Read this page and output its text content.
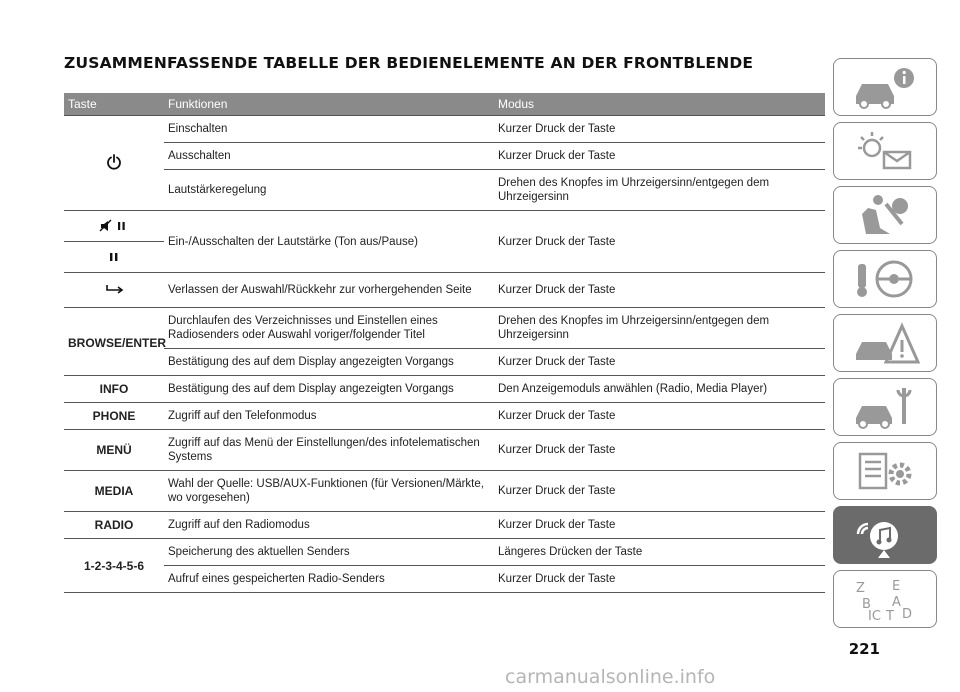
ZUSAMMENFASSENDE TABELLE DER BEDIENELEMENTE AN DER FRONTBLENDE
Taste	Funktionen	Modus
	Einschalten	Kurzer Druck der Taste
	Ausschalten	Kurzer Druck der Taste
	Lautstärkeregelung	Drehen des Knopfes im Uhrzeigersinn/entgegen dem Uhrzeigersinn

	Ein-/Ausschalten der Lautstärke (Ton aus/Pause)	Kurzer Druck der Taste
	Verlassen der Auswahl/Rückkehr zur vorhergehenden Seite	Kurzer Druck der Taste
BROWSE/ENTER	Durchlaufen des Verzeichnisses und Einstellen eines Radiosenders oder Auswahl voriger/folgender Titel	Drehen des Knopfes im Uhrzeigersinn/entgegen dem Uhrzeigersinn
	Bestätigung des auf dem Display angezeigten Vorgangs	Kurzer Druck der Taste
INFO	Bestätigung des auf dem Display angezeigten Vorgangs	Den Anzeigemoduls anwählen (Radio, Media Player)
PHONE	Zugriff auf den Telefonmodus	Kurzer Druck der Taste
MENÜ	Zugriff auf das Menü der Einstellungen/des infotelematischen Systems	Kurzer Druck der Taste
MEDIA	Wahl der Quelle: USB/AUX-Funktionen (für Versionen/Märkte, wo vorgesehen)	Kurzer Druck der Taste
RADIO	Zugriff auf den Radiomodus	Kurzer Druck der Taste
1-2-3-4-5-6	Speicherung des aktuellen Senders	Längeres Drücken der Taste
	Aufruf eines gespeicherten Radio-Senders	Kurzer Druck der Taste
Z E
B A
IC T D
221
carmanualsonline.info
